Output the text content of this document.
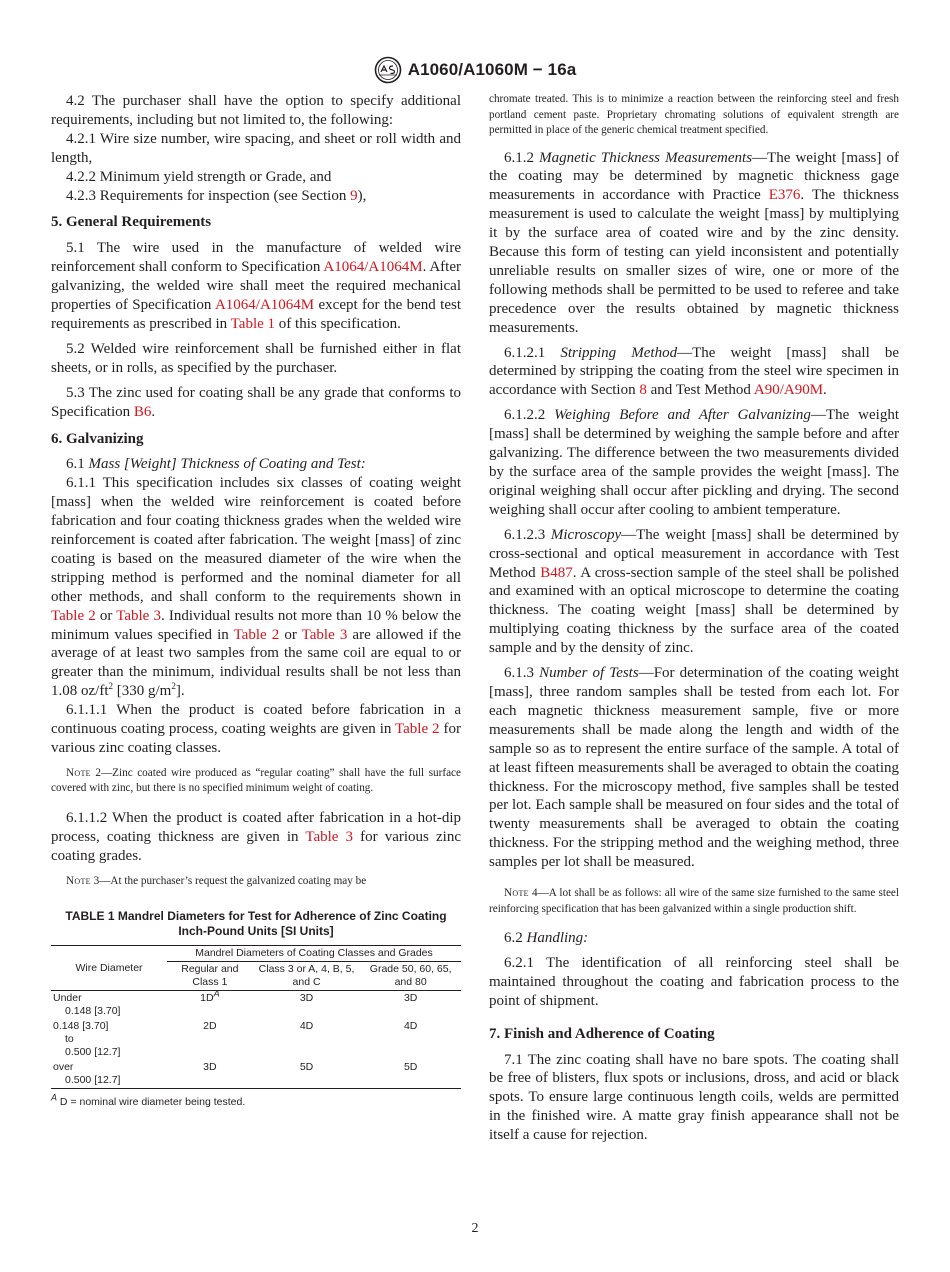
A1060/A1060M − 16a

4.2 The purchaser shall have the option to specify additional requirements, including but not limited to, the following:

4.2.1 Wire size number, wire spacing, and sheet or roll width and length,

4.2.2 Minimum yield strength or Grade, and

4.2.3 Requirements for inspection (see Section 9),

5. General Requirements

5.1 The wire used in the manufacture of welded wire reinforcement shall conform to Specification A1064/A1064M. After galvanizing, the welded wire shall meet the required mechanical properties of Specification A1064/A1064M except for the bend test requirements as prescribed in Table 1 of this specification.

5.2 Welded wire reinforcement shall be furnished either in flat sheets, or in rolls, as specified by the purchaser.

5.3 The zinc used for coating shall be any grade that conforms to Specification B6.

6. Galvanizing

6.1 Mass [Weight] Thickness of Coating and Test:

6.1.1 This specification includes six classes of coating weight [mass] when the welded wire reinforcement is coated before fabrication and four coating thickness grades when the welded wire reinforcement is coated after fabrication. The weight [mass] of zinc coating is based on the measured diameter of the wire when the stripping method is performed and the nominal diameter for all other methods, and shall conform to the requirements shown in Table 2 or Table 3. Individual results not more than 10 % below the minimum values specified in Table 2 or Table 3 are allowed if the average of at least two samples from the same coil are equal to or greater than the minimum, individual results shall be not less than 1.08 $oz/ft^2$ [330 $g/m^2$].

6.1.1.1 When the product is coated before fabrication in a continuous coating process, coating weights are given in Table 2 for various zinc coating classes.

Note 2—Zinc coated wire produced as “regular coating” shall have the full surface covered with zinc, but there is no specified minimum weight of coating.

6.1.1.2 When the product is coated after fabrication in a hot-dip process, coating thickness are given in Table 3 for various zinc coating grades.

Note 3—At the purchaser’s request the galvanized coating may be

TABLE 1 Mandrel Diameters for Test for Adherence of Zinc Coating Inch-Pound Units [SI Units]
Wire Diameter	Mandrel Diameters of Coating Classes and Grades		
	Regular and Class 1	Class 3 or A, 4, B, 5, and C	Grade 50, 60, 65, and 80

Under
0.148 [3.70]	$1D^A$	3D	3D

0.148 [3.70]
to
0.500 [12.7]	2D	4D	4D

over
0.500 [12.7]	3D	5D	5D
$^A$ D = nominal wire diameter being tested.

chromate treated. This is to minimize a reaction between the reinforcing steel and fresh portland cement paste. Proprietary chromating solutions of equivalent strength are permitted in place of the generic chemical treatment specified.

6.1.2 Magnetic Thickness Measurements—The weight [mass] of the coating may be determined by magnetic thickness gage measurements in accordance with Practice E376. The thickness measurement is used to calculate the weight [mass] by multiplying it by the surface area of coated wire and by the zinc density. Because this form of testing can yield inconsistent and potentially unreliable results on smaller sizes of wire, one or more of the following methods shall be permitted to be used to referee and take precedence over the results obtained by magnetic thickness measurements.

6.1.2.1 Stripping Method—The weight [mass] shall be determined by stripping the coating from the steel wire specimen in accordance with Section 8 and Test Method A90/A90M.

6.1.2.2 Weighing Before and After Galvanizing—The weight [mass] shall be determined by weighing the sample before and after galvanizing. The difference between the two measurements divided by the surface area of the sample provides the weight [mass]. The original weighing shall occur after pickling and drying. The second weighing shall occur after cooling to ambient temperature.

6.1.2.3 Microscopy—The weight [mass] shall be determined by cross-sectional and optical measurement in accordance with Test Method B487. A cross-section sample of the steel shall be polished and examined with an optical microscope to determine the coating thickness. The coating weight [mass] shall be determined by multiplying coating thickness by the surface area of the coated sample and by the density of zinc.

6.1.3 Number of Tests—For determination of the coating weight [mass], three random samples shall be tested from each lot. For each magnetic thickness measurement sample, five or more measurements shall be made along the length and width of the sample so as to represent the entire surface of the sample. A total of at least fifteen measurements shall be averaged to obtain the coating thickness. For the microscopy method, five samples shall be tested per lot. Each sample shall be measured on four sides and the total of twenty measurements shall be averaged to obtain the coating thickness. For the stripping method and the weighing method, three samples per lot shall be measured.

Note 4—A lot shall be as follows: all wire of the same size furnished to the same steel reinforcing specification that has been galvanized within a single production shift.

6.2 Handling:

6.2.1 The identification of all reinforcing steel shall be maintained throughout the coating and fabrication process to the point of shipment.

7. Finish and Adherence of Coating

7.1 The zinc coating shall have no bare spots. The coating shall be free of blisters, flux spots or inclusions, dross, and acid or black spots. To ensure large continuous length coils, welds are permitted in the finished wire. A matte gray finish appearance shall not be itself a cause for rejection.

2
